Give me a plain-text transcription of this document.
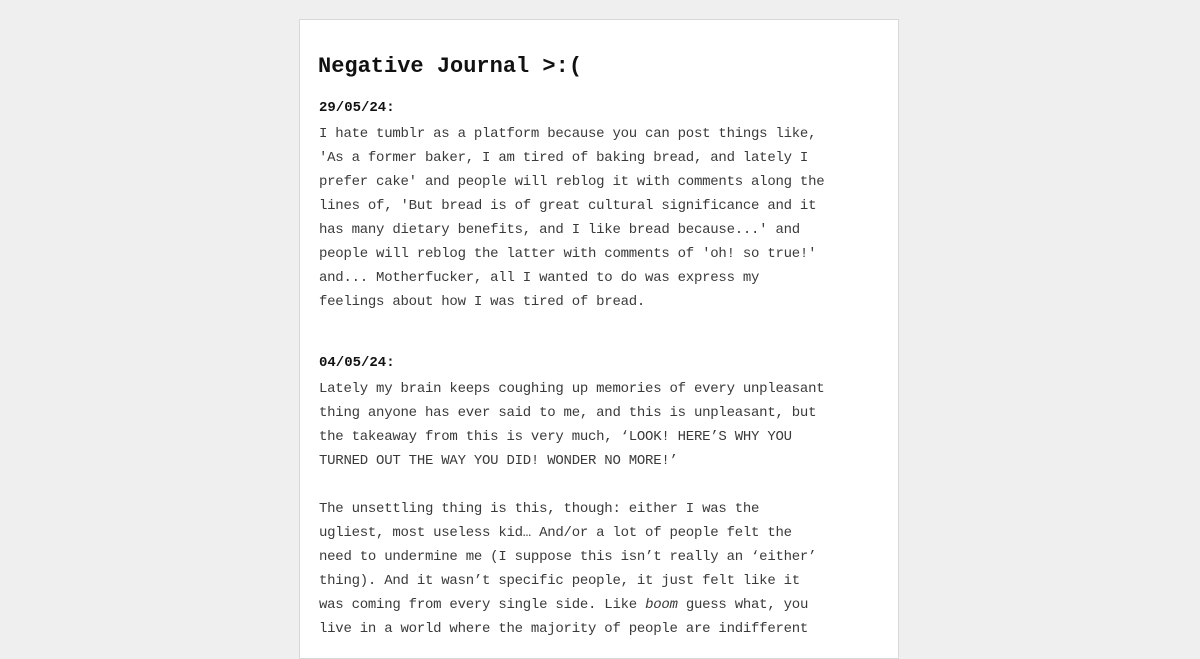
Negative Journal >:(
29/05/24:

I hate tumblr as a platform because you can post things like,
'As a former baker, I am tired of baking bread, and lately I
prefer cake' and people will reblog it with comments along the
lines of, 'But bread is of great cultural significance and it
has many dietary benefits, and I like bread because...' and
people will reblog the latter with comments of 'oh! so true!'
and... Motherfucker, all I wanted to do was express my
feelings about how I was tired of bread.

04/05/24:

Lately my brain keeps coughing up memories of every unpleasant
thing anyone has ever said to me, and this is unpleasant, but
the takeaway from this is very much, ‘LOOK! HERE’S WHY YOU
TURNED OUT THE WAY YOU DID! WONDER NO MORE!’

The unsettling thing is this, though: either I was the
ugliest, most useless kid… And/or a lot of people felt the
need to undermine me (I suppose this isn’t really an ‘either’
thing). And it wasn’t specific people, it just felt like it
was coming from every single side. Like boom guess what, you
live in a world where the majority of people are indifferent
